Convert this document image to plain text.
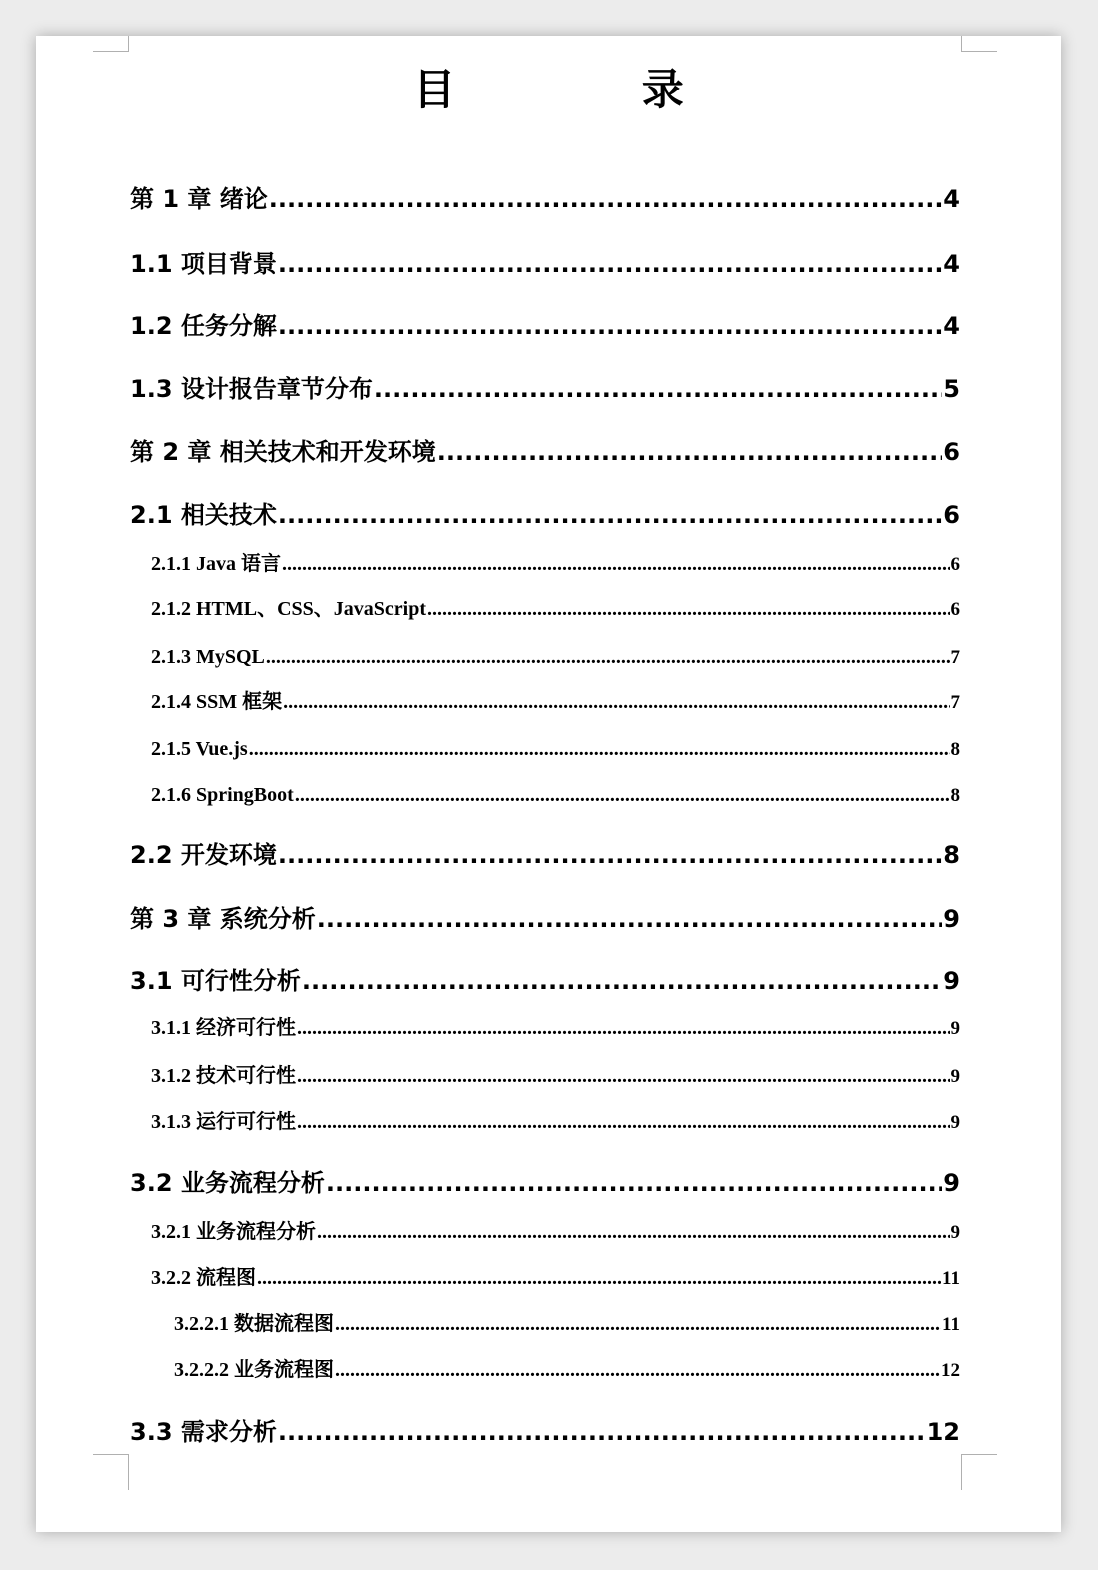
目 录
第 1 章 绪论 .....	4
1.1 项目背景 .....	4
1.2 任务分解 .....	4
1.3 设计报告章节分布 .....	5
第 2 章 相关技术和开发环境 .....	6
2.1 相关技术 .....	6
2.1.1 Java 语言 .....	6
2.1.2 HTML、CSS、JavaScript .....	6
2.1.3 MySQL .....	7
2.1.4 SSM 框架 .....	7
2.1.5 Vue.js .....	8
2.1.6 SpringBoot .....	8
2.2 开发环境 .....	8
第 3 章 系统分析 .....	9
3.1 可行性分析 .....	9
3.1.1 经济可行性 .....	9
3.1.2 技术可行性 .....	9
3.1.3 运行可行性 .....	9
3.2 业务流程分析 .....	9
3.2.1 业务流程分析 .....	9
3.2.2 流程图 .....	11
3.2.2.1 数据流程图 .....	11
3.2.2.2 业务流程图 .....	12
3.3 需求分析 .....	12
